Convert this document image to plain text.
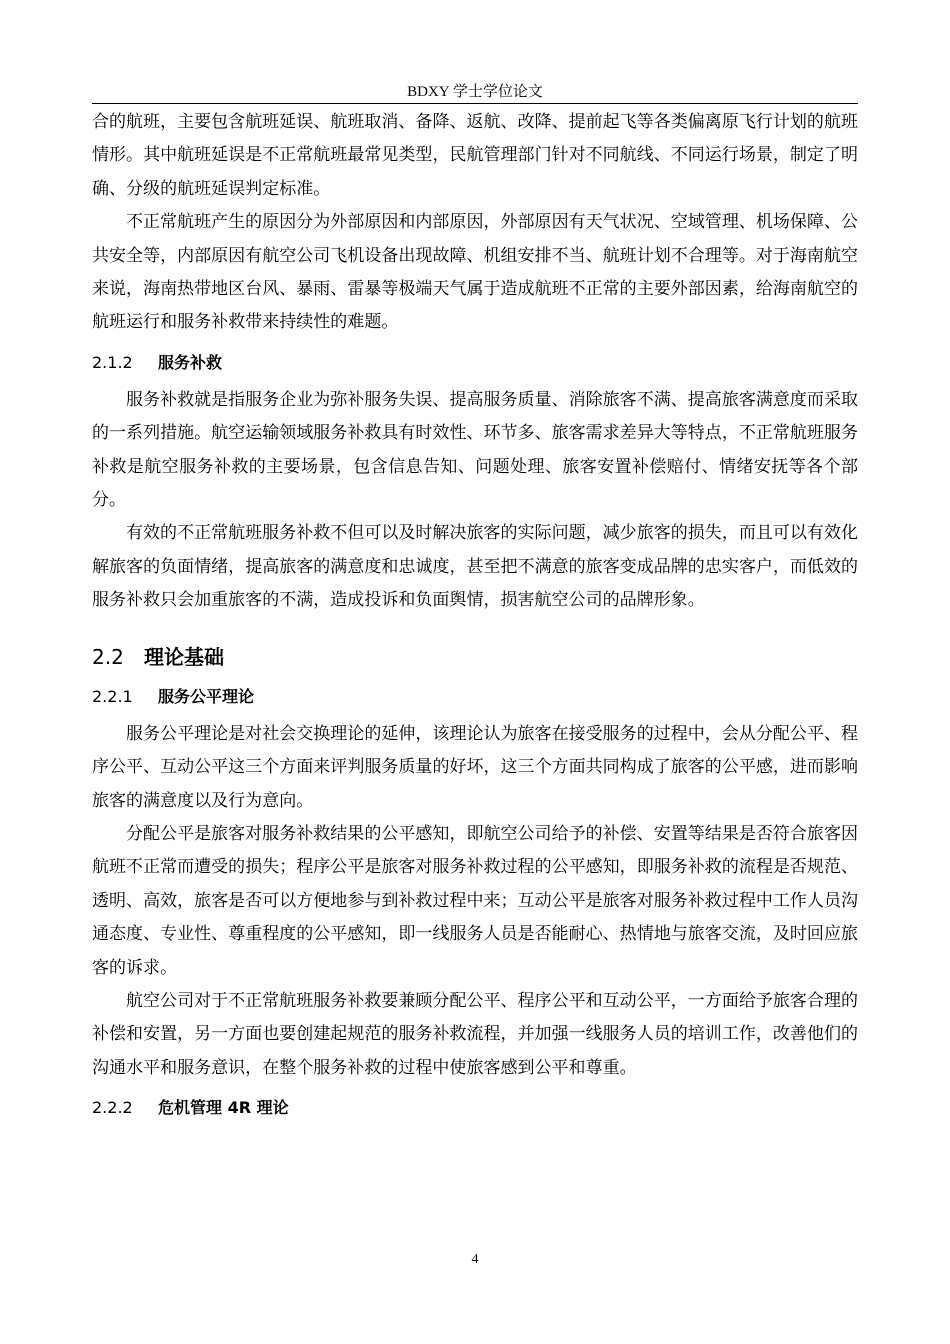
BDXY 学士学位论文

合的航班，主要包含航班延误、航班取消、备降、返航、改降、提前起飞等各类偏离原飞行计划的航班情形。其中航班延误是不正常航班最常见类型，民航管理部门针对不同航线、不同运行场景，制定了明确、分级的航班延误判定标准。

不正常航班产生的原因分为外部原因和内部原因，外部原因有天气状况、空域管理、机场保障、公共安全等，内部原因有航空公司飞机设备出现故障、机组安排不当、航班计划不合理等。对于海南航空来说，海南热带地区台风、暴雨、雷暴等极端天气属于造成航班不正常的主要外部因素，给海南航空的航班运行和服务补救带来持续性的难题。

2.1.2 服务补救

服务补救就是指服务企业为弥补服务失误、提高服务质量、消除旅客不满、提高旅客满意度而采取的一系列措施。航空运输领域服务补救具有时效性、环节多、旅客需求差异大等特点，不正常航班服务补救是航空服务补救的主要场景，包含信息告知、问题处理、旅客安置补偿赔付、情绪安抚等各个部分。

有效的不正常航班服务补救不但可以及时解决旅客的实际问题，减少旅客的损失，而且可以有效化解旅客的负面情绪，提高旅客的满意度和忠诚度，甚至把不满意的旅客变成品牌的忠实客户，而低效的服务补救只会加重旅客的不满，造成投诉和负面舆情，损害航空公司的品牌形象。

2.2 理论基础
2.2.1 服务公平理论

服务公平理论是对社会交换理论的延伸，该理论认为旅客在接受服务的过程中，会从分配公平、程序公平、互动公平这三个方面来评判服务质量的好坏，这三个方面共同构成了旅客的公平感，进而影响旅客的满意度以及行为意向。

分配公平是旅客对服务补救结果的公平感知，即航空公司给予的补偿、安置等结果是否符合旅客因航班不正常而遭受的损失；程序公平是旅客对服务补救过程的公平感知，即服务补救的流程是否规范、透明、高效，旅客是否可以方便地参与到补救过程中来；互动公平是旅客对服务补救过程中工作人员沟通态度、专业性、尊重程度的公平感知，即一线服务人员是否能耐心、热情地与旅客交流，及时回应旅客的诉求。

航空公司对于不正常航班服务补救要兼顾分配公平、程序公平和互动公平，一方面给予旅客合理的补偿和安置，另一方面也要创建起规范的服务补救流程，并加强一线服务人员的培训工作，改善他们的沟通水平和服务意识，在整个服务补救的过程中使旅客感到公平和尊重。

2.2.2 危机管理 4R 理论
4
